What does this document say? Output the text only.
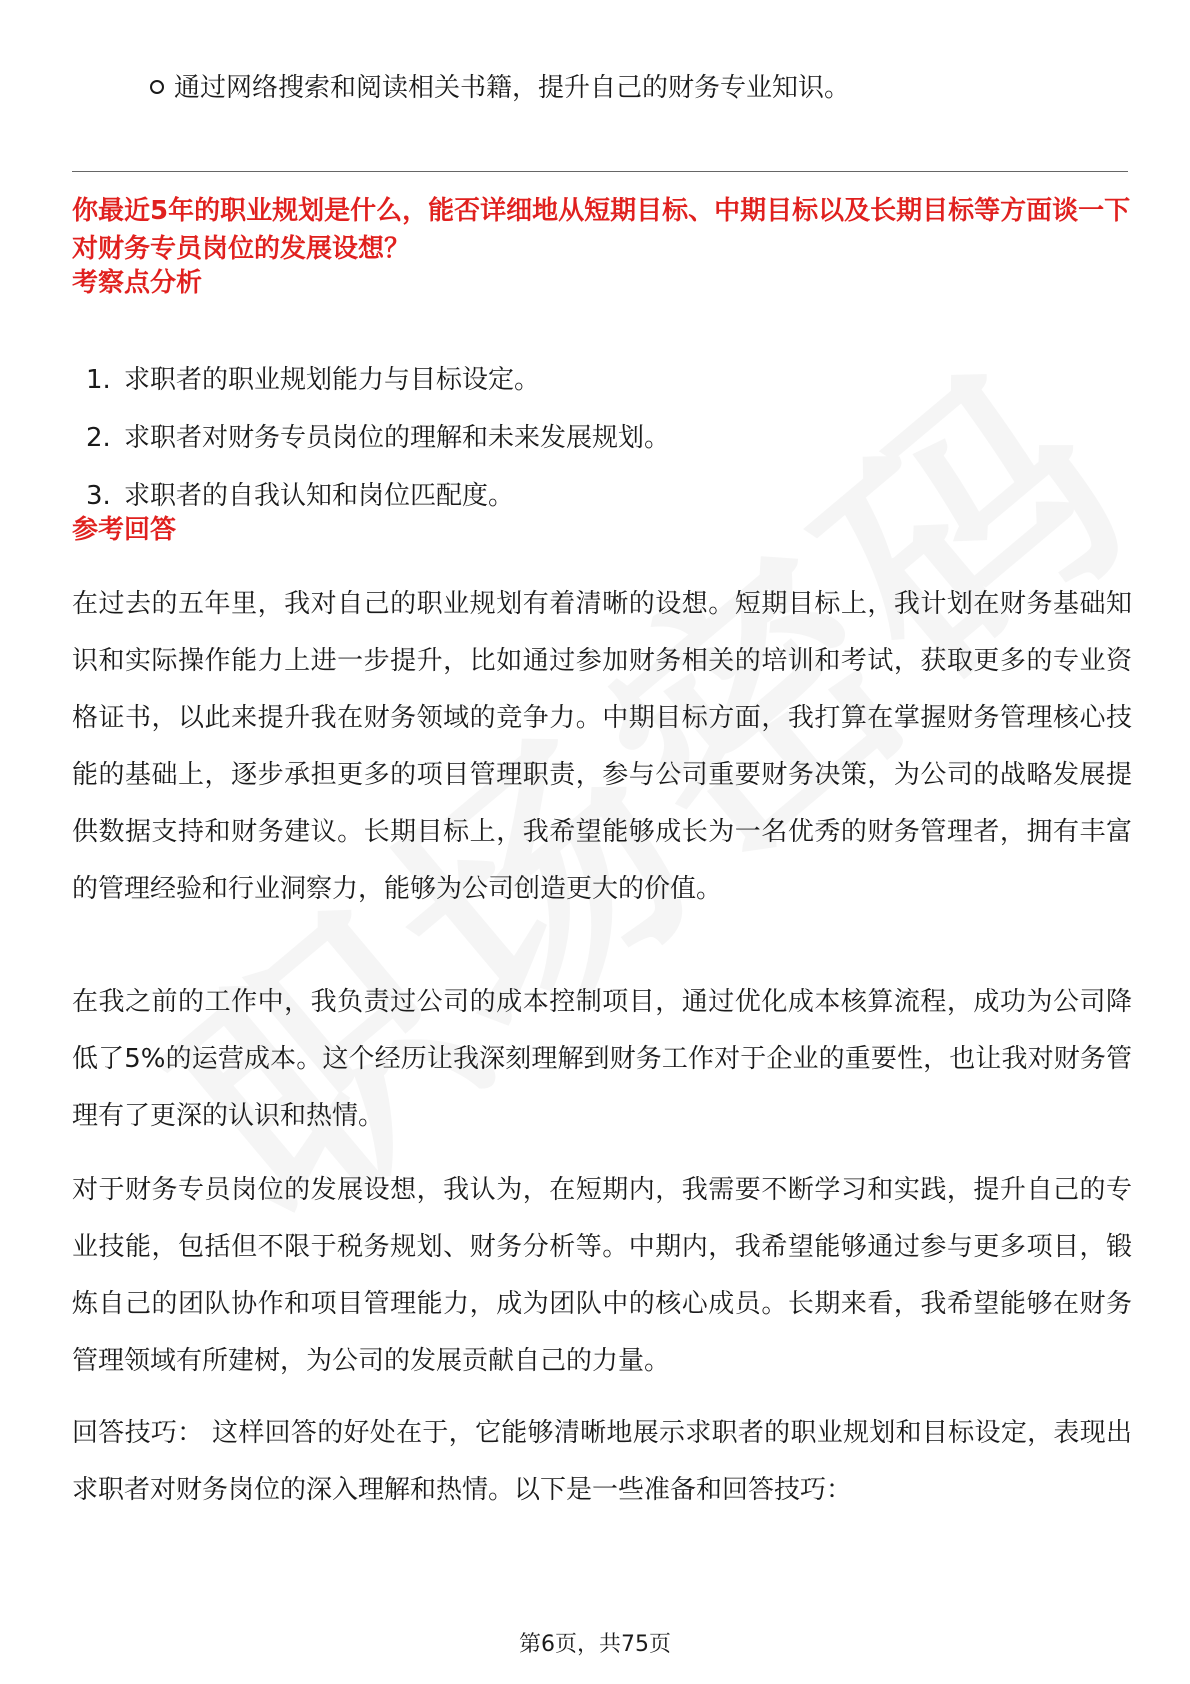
通过网络搜索和阅读相关书籍，提升自己的财务专业知识。
你最近5年的职业规划是什么，能否详细地从短期目标、中期目标以及长期目标等方面谈一下对财务专员岗位的发展设想？
考察点分析
1. 求职者的职业规划能力与目标设定。
2. 求职者对财务专员岗位的理解和未来发展规划。
3. 求职者的自我认知和岗位匹配度。
参考回答

在过去的五年里，我对自己的职业规划有着清晰的设想。短期目标上，我计划在财务基础知识和实际操作能力上进一步提升，比如通过参加财务相关的培训和考试，获取更多的专业资格证书，以此来提升我在财务领域的竞争力。中期目标方面，我打算在掌握财务管理核心技能的基础上，逐步承担更多的项目管理职责，参与公司重要财务决策，为公司的战略发展提供数据支持和财务建议。长期目标上，我希望能够成长为一名优秀的财务管理者，拥有丰富的管理经验和行业洞察力，能够为公司创造更大的价值。

在我之前的工作中，我负责过公司的成本控制项目，通过优化成本核算流程，成功为公司降低了5%的运营成本。这个经历让我深刻理解到财务工作对于企业的重要性，也让我对财务管理有了更深的认识和热情。

对于财务专员岗位的发展设想，我认为，在短期内，我需要不断学习和实践，提升自己的专业技能，包括但不限于税务规划、财务分析等。中期内，我希望能够通过参与更多项目，锻炼自己的团队协作和项目管理能力，成为团队中的核心成员。长期来看，我希望能够在财务管理领域有所建树，为公司的发展贡献自己的力量。

回答技巧： 这样回答的好处在于，它能够清晰地展示求职者的职业规划和目标设定，表现出求职者对财务岗位的深入理解和热情。以下是一些准备和回答技巧：

第6页，共75页
